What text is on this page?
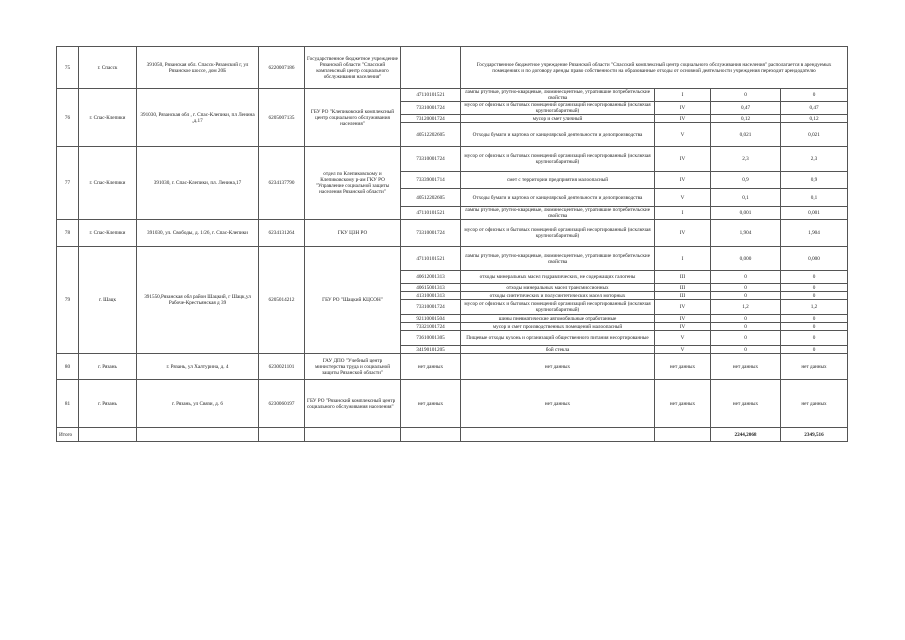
75	г. Спасск	391050, Рязанская обл. Спасск-Рязанский г, ул Рязанское шоссе, дом 20Б	6220007186	Государственное бюджетное учреждение Рязанской области "Спасский комплексный центр социального обслуживания населения"		Государственное бюджетное учреждение Рязанской области "Спасский комплексный центр социального обслуживания населения" располагается в арендуемых помещениях и по договору аренды право собственности на образованные отходы от основной деятельности учреждения переходит арендодателю			
76	г. Спас-Клепики	391030, Рязанская обл , г. Спас-Клепики, пл Ленина ,д.17	6205007135	ГБУ РО "Клепиковский комплексный центр социального обслуживания населения"	47110101521	лампы ртутные, ртутно-кварцевые, люминесцентные, утратившие потребительские свойства	I	0	0
					73310001724	мусор от офисных и бытовых помещений организаций несортированный (исключая крупногабаритный)	IV	0,47	0,47
					73120001724	мусор и смет уличный	IV	0,12	0,12
					40512202605	Отходы бумаги и картона от канцелярской деятельности и делопроизводства	V	0,021	0,021
77	г. Спас-Клепики	391030, г. Спас-Клепики, пл. Ленина,17	6234137790	отдел по Клепиковскому и Клепиковскому р-ам ГКУ РО "Управление социальной защиты населения Рязанской области"	73310001724	мусор от офисных и бытовых помещений организаций несортированный (исключая крупногабаритный)	IV	2,3	2,3
					73339001714	смет с территории предприятия малоопасный	IV	0,9	0,9
					40512202605	Отходы бумаги и картона от канцелярской деятельности и делопроизводства	V	0,1	0,1
					47110101521	лампы ртутные, ртутно-кварцевые, люминесцентные, утратившие потребительские свойства	I	0,001	0,001
78	г. Спас-Клепики	391030, ул. Свободы, д. 1/26, г. Спас-Клепики	6234131264	ГКУ ЦЗН РО	73310001724	мусор от офисных и бытовых помещений организаций несортированный (исключая крупногабаритный)	IV	1,904	1,904
79	г. Шацк	391550,Рязанская обл район Шацкий, г Шацк,ул Рабоче-Крестьянская д 39	6205014212	ГБУ РО "Шацкий КЦСОН"	47110101521	лампы ртутные, ртутно-кварцевые, люминесцентные, утратившие потребительские свойства	I	0,000	0,000
					40612001313	отходы минеральных масел гидравлических, не содержащих галогены	III	0	0
					40615001313	отходы минеральных масел трансмиссионных	III	0	0
					41310001313	отходы синтетических и полусинтетических масел моторных	III	0	0
					73310001724	мусор от офисных и бытовых помещений организаций несортированный (исключая крупногабаритный)	IV	1,2	1,2
					92110001504	шины пневматические автомобильные отработанные	IV	0	0
					73321001724	мусор и смет производственных помещений малоопасный	IV	0	0
					73610001305	Пищевые отходы кухонь и организаций общественного питания несортированные	V	0	0
					34190101205	бой стекла	V	0	0
80	г. Рязань	г. Рязань, ул Халтурина, д. 4	6230021101	ГАУ ДПО "Учебный центр министерства труда и социальной защиты Рязанской области"	нет данных	нет данных	нет данных	нет данных	нет данных
81	г. Рязань	г. Рязань, ул Связи, д. 6	6230060197	ГБУ РО "Рязанский комплексный центр социального обслуживания населения"	нет данных	нет данных	нет данных	нет данных	нет данных
Итого								2244,2068	2349,516
